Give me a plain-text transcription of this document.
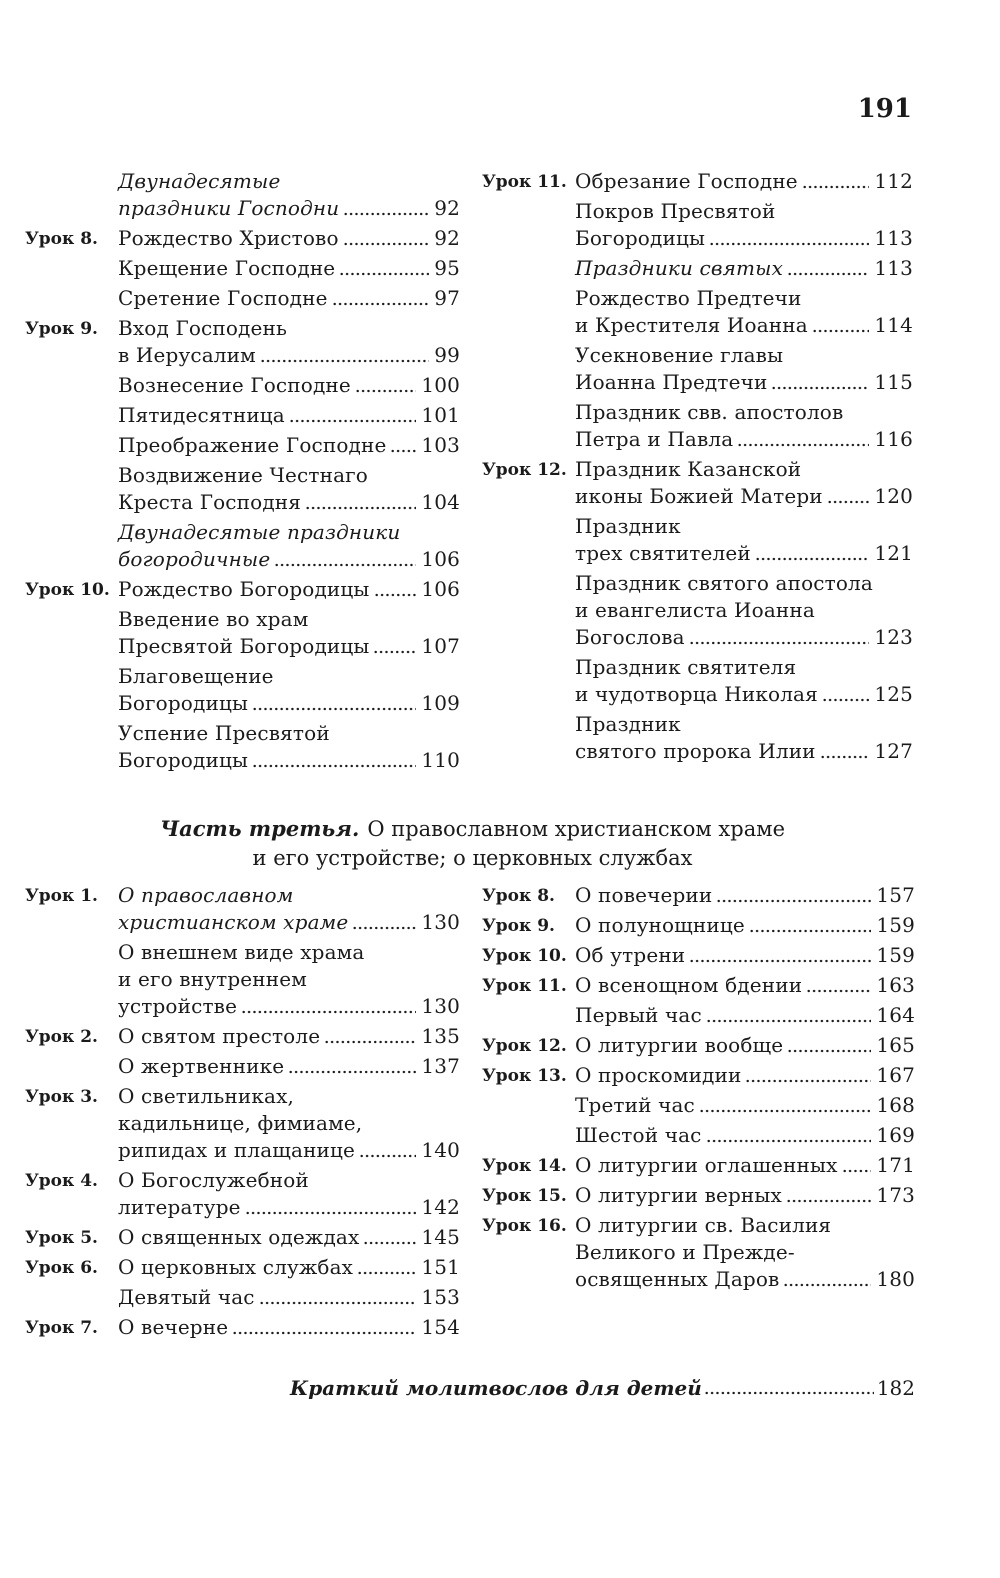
191
Двунадесятые
праздники Господни	92
Урок 8. Рождество Христово	92
Крещение Господне	95
Сретение Господне	97
Урок 9. Вход Господень
в Иерусалим	99
Вознесение Господне	100
Пятидесятница	101
Преображение Господне 103
Воздвижение Честнаго
Креста Господня	104
Двунадесятые праздники
богородичные	106
Урок 10. Рождество Богородицы	106
Введение во храм
Пресвятой Богородицы	107
Благовещение
Богородицы	109
Успение Пресвятой
Богородицы	110
Урок 11. Обрезание Господне	112
Покров Пресвятой
Богородицы	113
Праздники святых	113
Рождество Предтечи
и Крестителя Иоанна	114
Усекновение главы
Иоанна Предтечи	115
Праздник свв. апостолов
Петра и Павла	116
Урок 12. Праздник Казанской
иконы Божией Матери	120
Праздник
трех святителей	121
Праздник святого апостола
и евангелиста Иоанна
Богослова	123
Праздник святителя
и чудотворца Николая	125
Праздник
святого пророка Илии	127
Часть третья. О православном христианском храме
и его устройстве; о церковных службах
Урок 1. О православном
христианском храме	130
О внешнем виде храма
и его внутреннем
устройстве	130
Урок 2. О святом престоле	135
О жертвеннике	137
Урок 3. О светильниках,
кадильнице, фимиаме,
рипидах и плащанице	140
Урок 4. О Богослужебной
литературе	142
Урок 5. О священных одеждах	145
Урок 6. О церковных службах	151
Девятый час	153
Урок 7. О вечерне	154
Урок 8. О повечерии	157
Урок 9. О полунощнице	159
Урок 10. Об утрени	159
Урок 11. О всенощном бдении	163
Первый час	164
Урок 12. О литургии вообще	165
Урок 13. О проскомидии	167
Третий час	168
Шестой час	169
Урок 14. О литургии оглашенных 171
Урок 15. О литургии верных	173
Урок 16. О литургии св. Василия
Великого и Прежде-
освященных Даров	180
Краткий молитвослов для детей	182
